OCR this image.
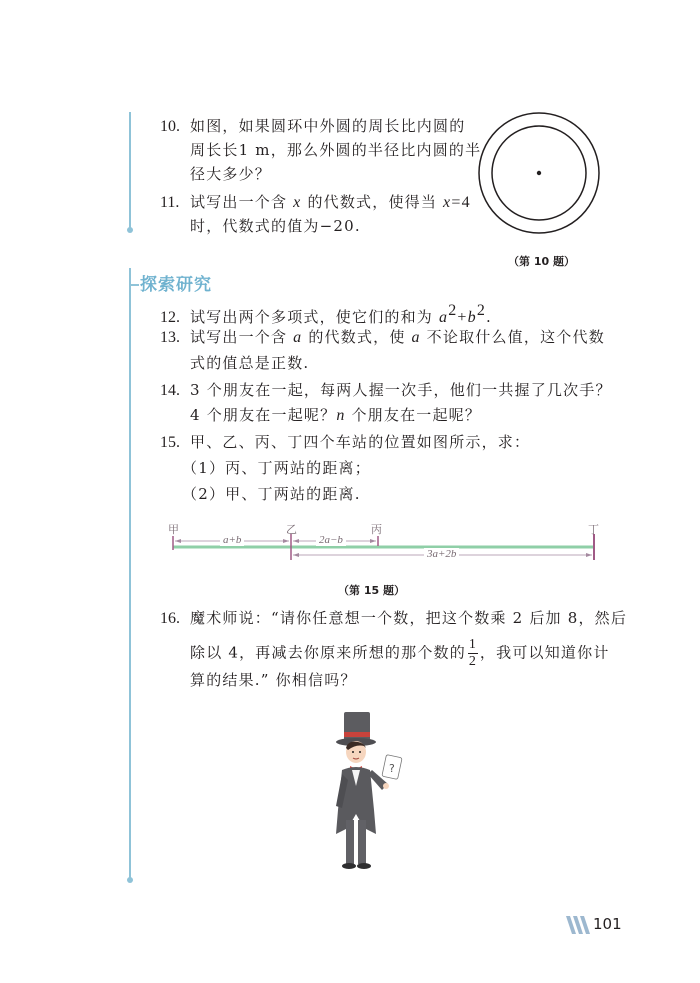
10. 如图，如果圆环中外圆的周长比内圆的
周长长1 m，那么外圆的半径比内圆的半
径大多少？
11. 试写出一个含 x 的代数式，使得当 x=4
时，代数式的值为−20.
（第 10 题）
探索研究
12. 试写出两个多项式，使它们的和为 $a^2+b^2$.
13. 试写出一个含 a 的代数式，使 a 不论取什么值，这个代数
式的值总是正数.
14. 3 个朋友在一起，每两人握一次手，他们一共握了几次手？
4 个朋友在一起呢？n 个朋友在一起呢？
15. 甲、乙、丙、丁四个车站的位置如图所示，求：
（1）丙、丁两站的距离；
（2）甲、丁两站的距离.
甲	乙	丙	丁
a+b	2a−b
3a+2b
（第 15 题）
16. 魔术师说：“请你任意想一个数，把这个数乘 2 后加 8，然后
除以 4，再减去你原来所想的那个数的 $\frac{1}{2}$ ，我可以知道你计
算的结果.” 你相信吗？
?
101
